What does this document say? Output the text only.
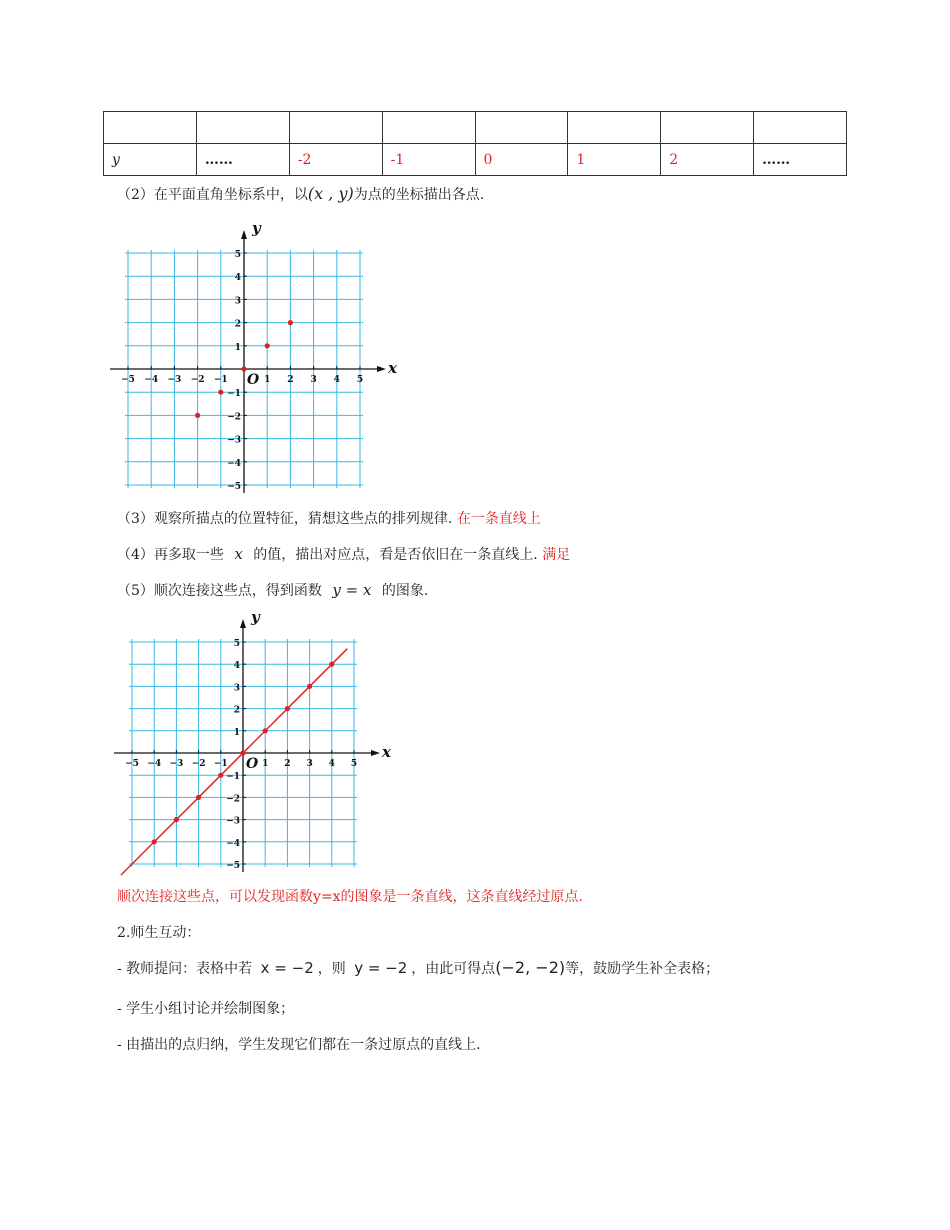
y	……	-2	-1	0	1	2	……
（2）在平面直角坐标系中，以(x , y)为点的坐标描出各点.
−5 −4 −3 −2 −1	1 2 3 4 5
5
4
3
2
1
−1
−2
−3
−4
−5
x
y
O
（3）观察所描点的位置特征，猜想这些点的排列规律. 在一条直线上
（4）再多取一些 x 的值，描出对应点，看是否依旧在一条直线上. 满足
（5）顺次连接这些点，得到函数 y = x 的图象.
−5 −4 −3 −2 −1	1 2 3 4 5
5
4
3
2
1
−1
−2
−3
−4
−5
x
y
O
顺次连接这些点，可以发现函数y=x的图象是一条直线，这条直线经过原点.
2.师生互动：
- 教师提问：表格中若 x = −2 ，则 y = −2 ，由此可得点(−2, −2)等，鼓励学生补全表格；
- 学生小组讨论并绘制图象；
- 由描出的点归纳，学生发现它们都在一条过原点的直线上.
